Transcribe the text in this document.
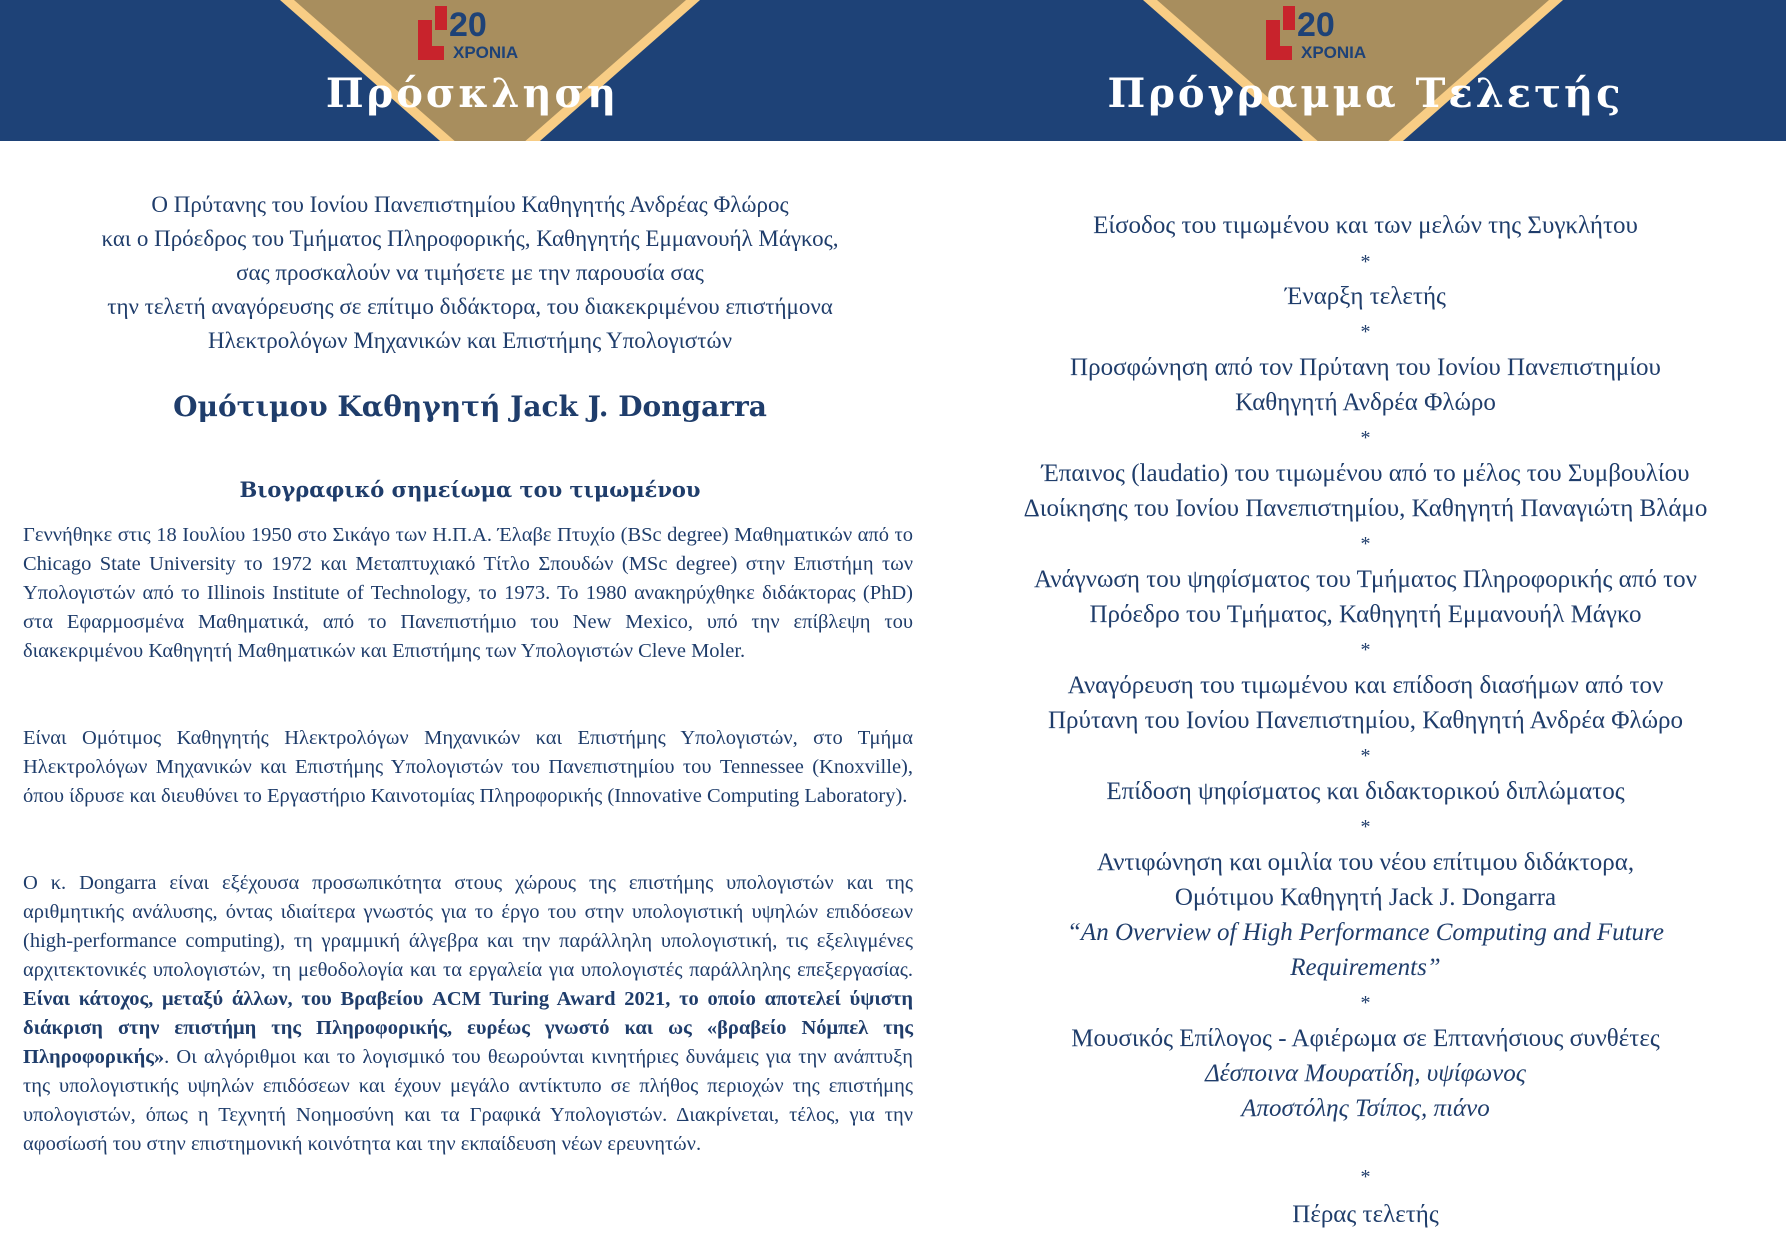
20
ΧΡΟΝΙΑ
Πρόσκληση
Ο Πρύτανης του Ιονίου Πανεπιστημίου Καθηγητής Ανδρέας Φλώρος
και ο Πρόεδρος του Τμήματος Πληροφορικής, Καθηγητής Εμμανουήλ Μάγκος,
σας προσκαλούν να τιμήσετε με την παρουσία σας
την τελετή αναγόρευσης σε επίτιμο διδάκτορα, του διακεκριμένου επιστήμονα
Ηλεκτρολόγων Μηχανικών και Επιστήμης Υπολογιστών
Ομότιμου Καθηγητή Jack J. Dongarra
Βιογραφικό σημείωμα του τιμωμένου

Γεννήθηκε στις 18 Ιουλίου 1950 στο Σικάγο των Η.Π.Α. Έλαβε Πτυχίο (BSc degree) Μαθηματικών από το Chicago State University το 1972 και Μεταπτυχιακό Τίτλο Σπουδών (MSc degree) στην Επιστήμη των Υπολογιστών από το Illinois Institute of Technology, το 1973. Το 1980 ανακηρύχθηκε διδάκτορας (PhD) στα Εφαρμοσμένα Μαθηματικά, από το Πανεπιστήμιο του New Mexico, υπό την επίβλεψη του διακεκριμένου Καθηγητή Μαθηματικών και Επιστήμης των Υπολογιστών Cleve Moler.

Είναι Ομότιμος Καθηγητής Ηλεκτρολόγων Μηχανικών και Επιστήμης Υπολογιστών, στο Τμήμα Ηλεκτρολόγων Μηχανικών και Επιστήμης Υπολογιστών του Πανεπιστημίου του Tennessee (Knoxville), όπου ίδρυσε και διευθύνει το Εργαστήριο Καινοτομίας Πληροφορικής (Innovative Computing Laboratory).

Ο κ. Dongarra είναι εξέχουσα προσωπικότητα στους χώρους της επιστήμης υπολογιστών και της αριθμητικής ανάλυσης, όντας ιδιαίτερα γνωστός για το έργο του στην υπολογιστική υψηλών επιδόσεων (high-performance computing), τη γραμμική άλγεβρα και την παράλληλη υπολογιστική, τις εξελιγμένες αρχιτεκτονικές υπολογιστών, τη μεθοδολογία και τα εργαλεία για υπολογιστές παράλληλης επεξεργασίας. Είναι κάτοχος, μεταξύ άλλων, του Βραβείου ACM Turing Award 2021, το οποίο αποτελεί ύψιστη διάκριση στην επιστήμη της Πληροφορικής, ευρέως γνωστό και ως «βραβείο Νόμπελ της Πληροφορικής». Οι αλγόριθμοι και το λογισμικό του θεωρούνται κινητήριες δυνάμεις για την ανάπτυξη της υπολογιστικής υψηλών επιδόσεων και έχουν μεγάλο αντίκτυπο σε πλήθος περιοχών της επιστήμης υπολογιστών, όπως η Τεχνητή Νοημοσύνη και τα Γραφικά Υπολογιστών. Διακρίνεται, τέλος, για την αφοσίωσή του στην επιστημονική κοινότητα και την εκπαίδευση νέων ερευνητών.

20
ΧΡΟΝΙΑ
Πρόγραμμα Τελετής
Είσοδος του τιμωμένου και των μελών της Συγκλήτου
*
Έναρξη τελετής
*
Προσφώνηση από τον Πρύτανη του Ιονίου Πανεπιστημίου
Καθηγητή Ανδρέα Φλώρο
*
Έπαινος (laudatio) του τιμωμένου από το μέλος του Συμβουλίου
Διοίκησης του Ιονίου Πανεπιστημίου, Καθηγητή Παναγιώτη Βλάμο
*
Ανάγνωση του ψηφίσματος του Τμήματος Πληροφορικής από τον
Πρόεδρο του Τμήματος, Καθηγητή Εμμανουήλ Μάγκο
*
Αναγόρευση του τιμωμένου και επίδοση διασήμων από τον
Πρύτανη του Ιονίου Πανεπιστημίου, Καθηγητή Ανδρέα Φλώρο
*
Επίδοση ψηφίσματος και διδακτορικού διπλώματος
*
Αντιφώνηση και ομιλία του νέου επίτιμου διδάκτορα,
Ομότιμου Καθηγητή Jack J. Dongarra
“An Overview of High Performance Computing and Future
Requirements”
*
Μουσικός Επίλογος - Αφιέρωμα σε Επτανήσιους συνθέτες
Δέσποινα Μουρατίδη, υψίφωνος
Αποστόλης Τσίπος, πιάνο
*
Πέρας τελετής
